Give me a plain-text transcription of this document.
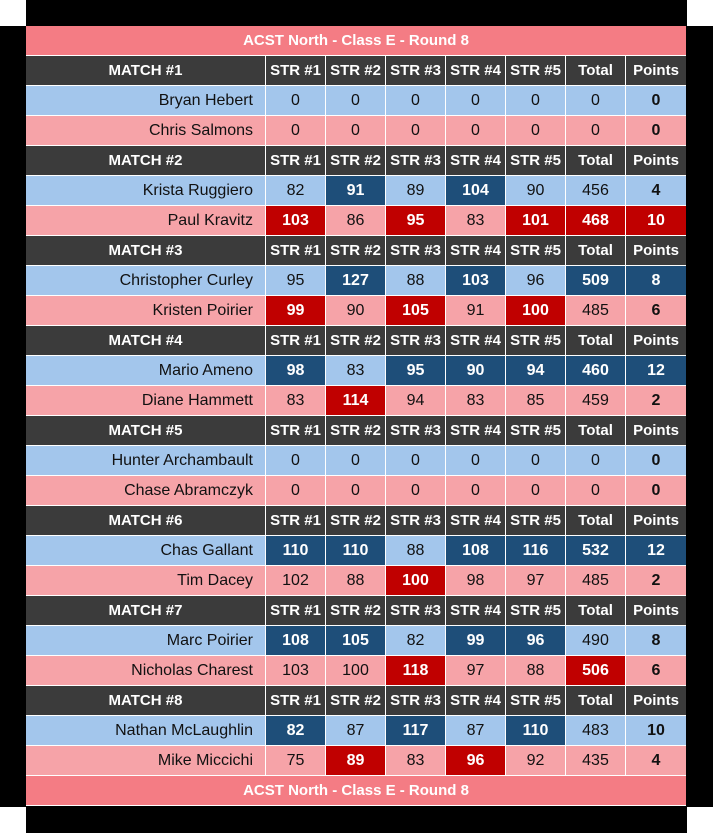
ACST North - Class E - Round 8
MATCH #1	STR #1 STR #2 STR #3 STR #4 STR #5	Total	Points
Bryan Hebert	0	0	0	0	0	0	0
Chris Salmons	0	0	0	0	0	0	0
MATCH #2	STR #1 STR #2 STR #3 STR #4 STR #5	Total	Points
Krista Ruggiero	82	91	89	104	90	456	4
Paul Kravitz	103	86	95	83	101	468	10
MATCH #3	STR #1 STR #2 STR #3 STR #4 STR #5	Total	Points
Christopher Curley	95	127	88	103	96	509	8
Kristen Poirier	99	90	105	91	100	485	6
MATCH #4	STR #1 STR #2 STR #3 STR #4 STR #5	Total	Points
Mario Ameno	98	83	95	90	94	460	12
Diane Hammett	83	114	94	83	85	459	2
MATCH #5	STR #1 STR #2 STR #3 STR #4 STR #5	Total	Points
Hunter Archambault	0	0	0	0	0	0	0
Chase Abramczyk	0	0	0	0	0	0	0
MATCH #6	STR #1 STR #2 STR #3 STR #4 STR #5	Total	Points
Chas Gallant	110	110	88	108	116	532	12
Tim Dacey	102	88	100	98	97	485	2
MATCH #7	STR #1 STR #2 STR #3 STR #4 STR #5	Total	Points
Marc Poirier	108	105	82	99	96	490	8
Nicholas Charest	103	100	118	97	88	506	6
MATCH #8	STR #1 STR #2 STR #3 STR #4 STR #5	Total	Points
Nathan McLaughlin	82	87	117	87	110	483	10
Mike Miccichi	75	89	83	96	92	435	4
ACST North - Class E - Round 8
